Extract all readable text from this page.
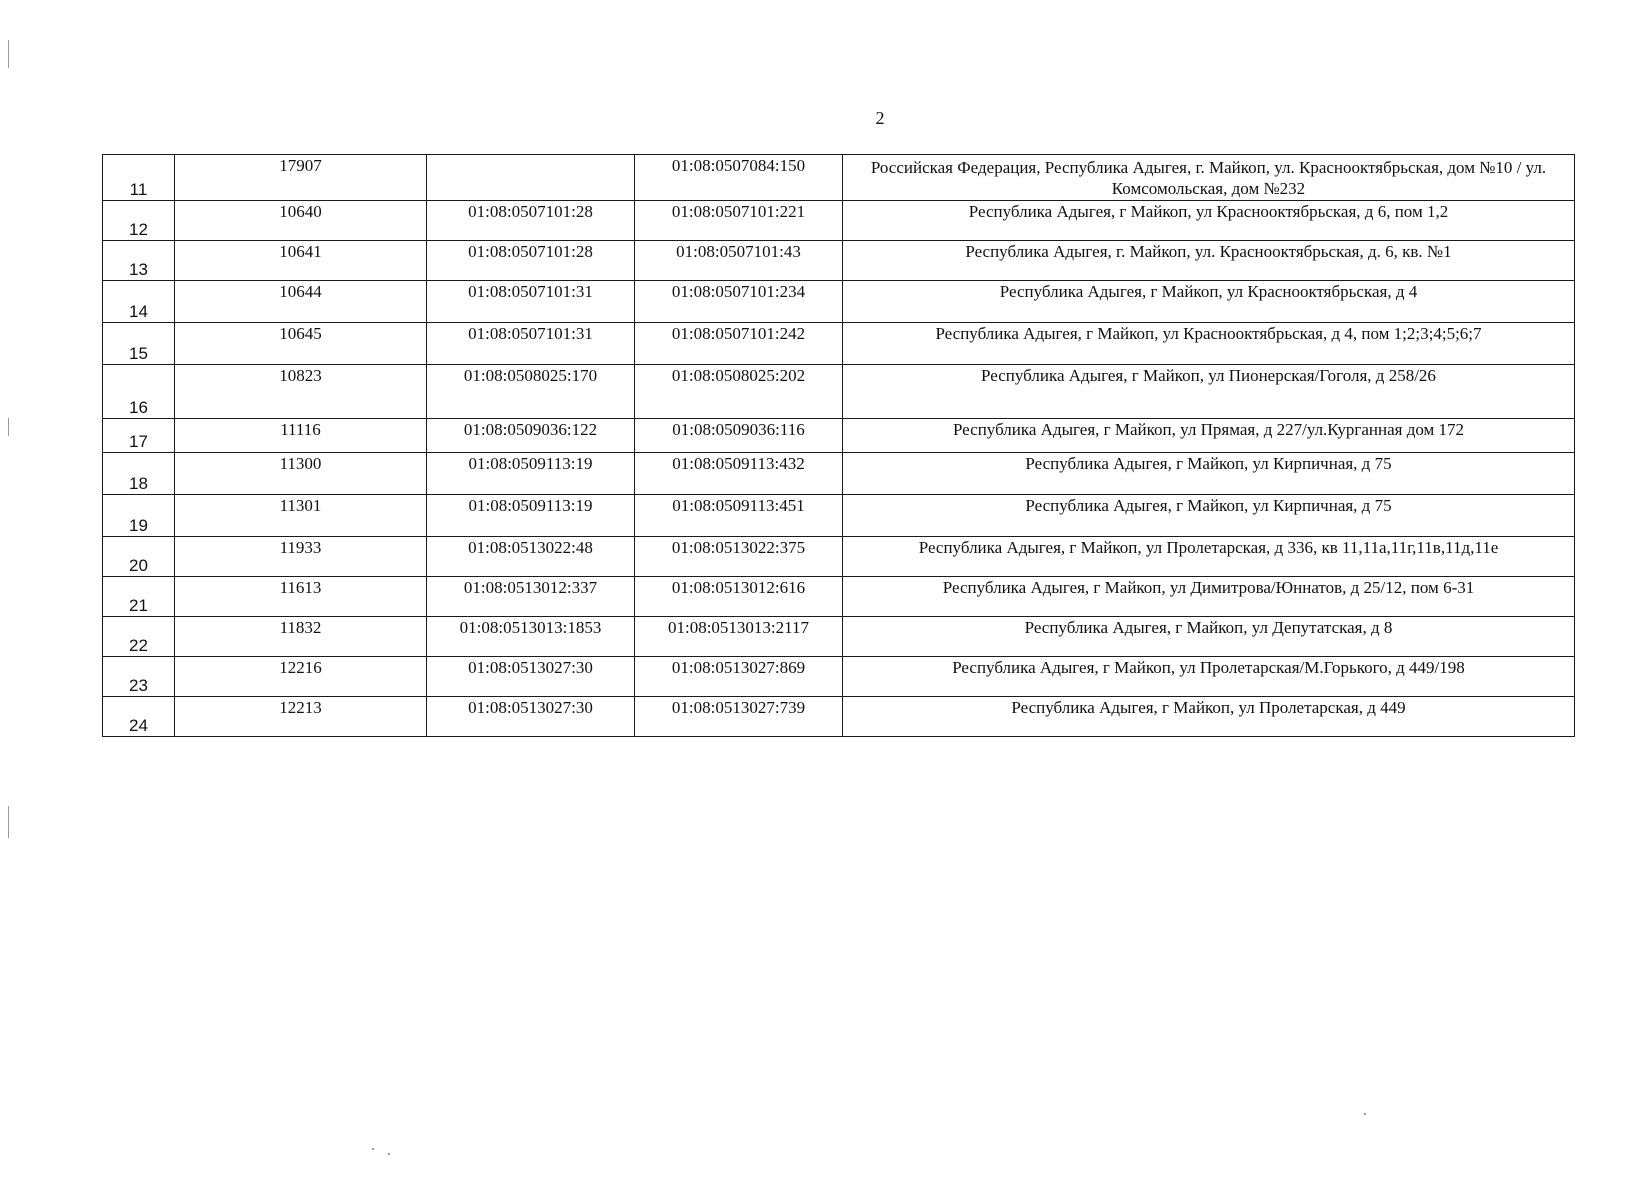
2
11	17907		01:08:0507084:150	Российская Федерация, Республика Адыгея, г. Майкоп, ул. Краснооктябрьская, дом №10 / ул. Комсомольская, дом №232
12	10640	01:08:0507101:28	01:08:0507101:221	Республика Адыгея, г Майкоп, ул Краснооктябрьская, д 6, пом 1,2
13	10641	01:08:0507101:28	01:08:0507101:43	Республика Адыгея, г. Майкоп, ул. Краснооктябрьская, д. 6, кв. №1
14	10644	01:08:0507101:31	01:08:0507101:234	Республика Адыгея, г Майкоп, ул Краснооктябрьская, д 4
15	10645	01:08:0507101:31	01:08:0507101:242	Республика Адыгея, г Майкоп, ул Краснооктябрьская, д 4, пом 1;2;3;4;5;6;7
16	10823	01:08:0508025:170	01:08:0508025:202	Республика Адыгея, г Майкоп, ул Пионерская/Гоголя, д 258/26
17	11116	01:08:0509036:122	01:08:0509036:116	Республика Адыгея, г Майкоп, ул Прямая, д 227/ул.Курганная дом 172
18	11300	01:08:0509113:19	01:08:0509113:432	Республика Адыгея, г Майкоп, ул Кирпичная, д 75
19	11301	01:08:0509113:19	01:08:0509113:451	Республика Адыгея, г Майкоп, ул Кирпичная, д 75
20	11933	01:08:0513022:48	01:08:0513022:375	Республика Адыгея, г Майкоп, ул Пролетарская, д 336, кв 11,11а,11г,11в,11д,11е
21	11613	01:08:0513012:337	01:08:0513012:616	Республика Адыгея, г Майкоп, ул Димитрова/Юннатов, д 25/12, пом 6-31
22	11832	01:08:0513013:1853	01:08:0513013:2117	Республика Адыгея, г Майкоп, ул Депутатская, д 8
23	12216	01:08:0513027:30	01:08:0513027:869	Республика Адыгея, г Майкоп, ул Пролетарская/М.Горького, д 449/198
24	12213	01:08:0513027:30	01:08:0513027:739	Республика Адыгея, г Майкоп, ул Пролетарская, д 449
